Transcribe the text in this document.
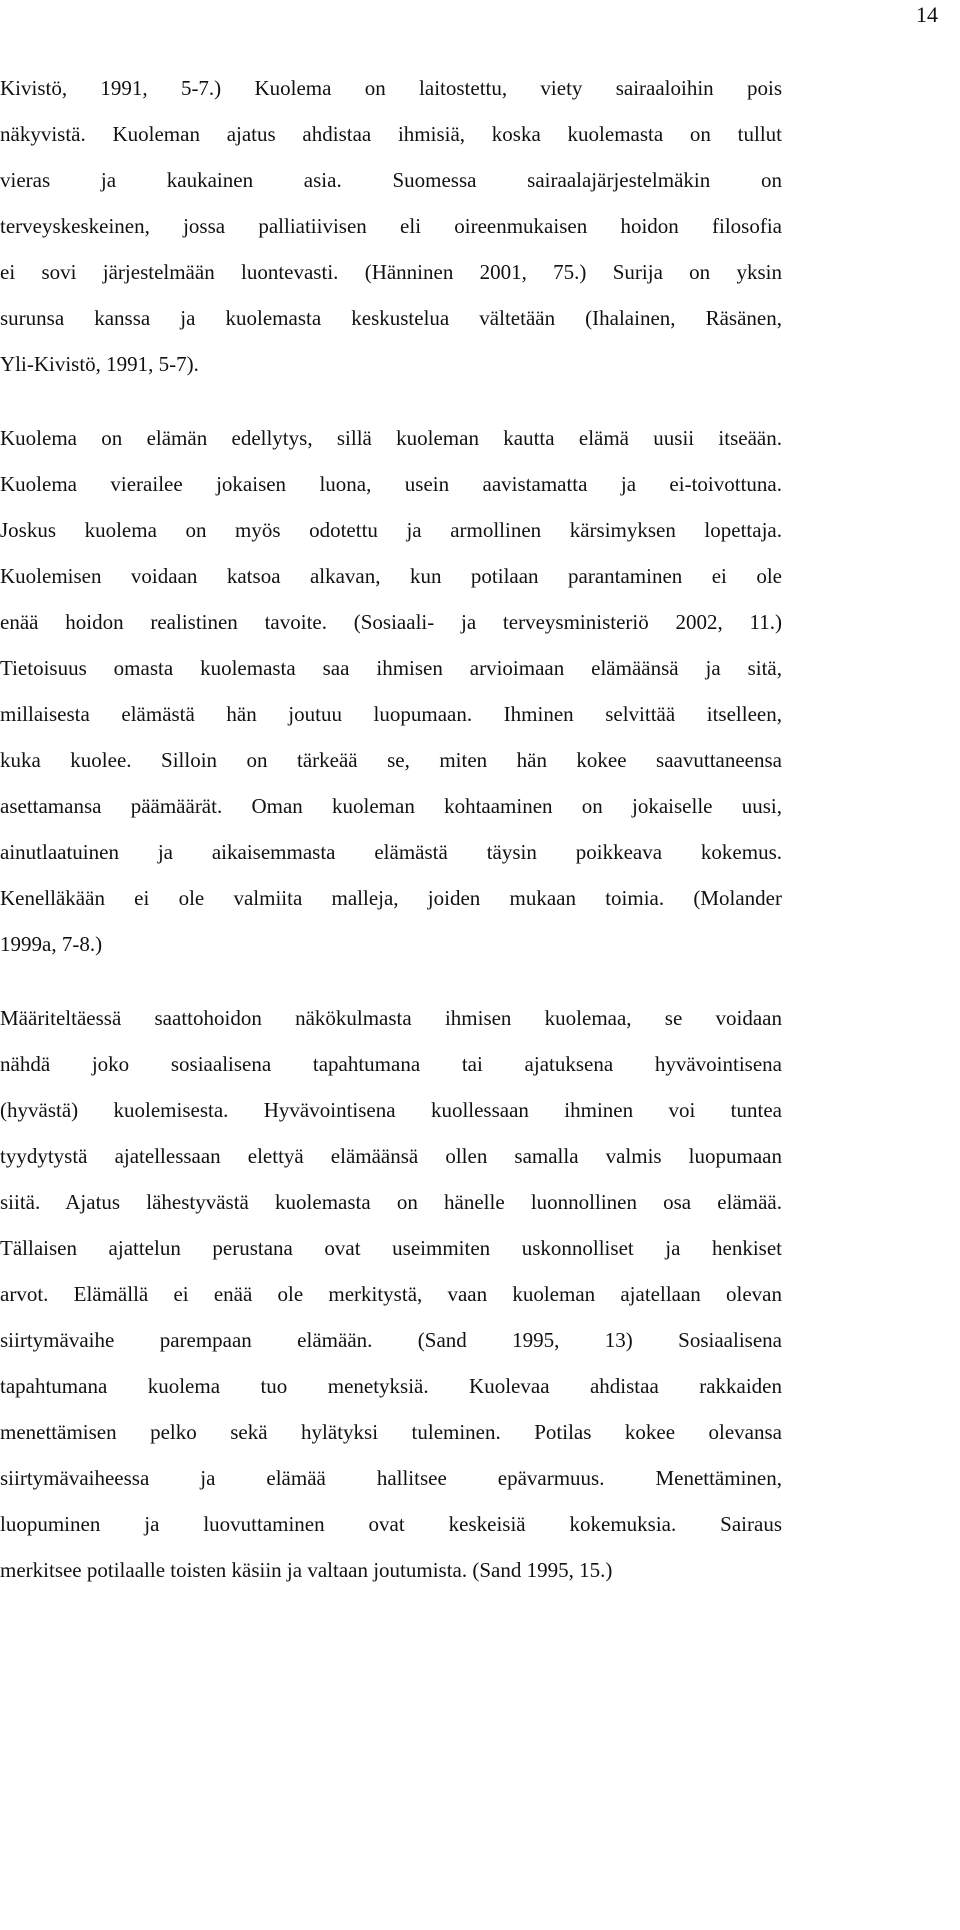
14
Kivistö, 1991, 5-7.) Kuolema on laitostettu, viety sairaaloihin pois
näkyvistä. Kuoleman ajatus ahdistaa ihmisiä, koska kuolemasta on tullut
vieras ja kaukainen asia. Suomessa sairaalajärjestelmäkin on
terveyskeskeinen, jossa palliatiivisen eli oireenmukaisen hoidon filosofia
ei sovi järjestelmään luontevasti. (Hänninen 2001, 75.) Surija on yksin
surunsa kanssa ja kuolemasta keskustelua vältetään (Ihalainen, Räsänen,
Yli-Kivistö, 1991, 5-7).
Kuolema on elämän edellytys, sillä kuoleman kautta elämä uusii itseään.
Kuolema vierailee jokaisen luona, usein aavistamatta ja ei-toivottuna.
Joskus kuolema on myös odotettu ja armollinen kärsimyksen lopettaja.
Kuolemisen voidaan katsoa alkavan, kun potilaan parantaminen ei ole
enää hoidon realistinen tavoite. (Sosiaali- ja terveysministeriö 2002, 11.)
Tietoisuus omasta kuolemasta saa ihmisen arvioimaan elämäänsä ja sitä,
millaisesta elämästä hän joutuu luopumaan. Ihminen selvittää itselleen,
kuka kuolee. Silloin on tärkeää se, miten hän kokee saavuttaneensa
asettamansa päämäärät. Oman kuoleman kohtaaminen on jokaiselle uusi,
ainutlaatuinen ja aikaisemmasta elämästä täysin poikkeava kokemus.
Kenelläkään ei ole valmiita malleja, joiden mukaan toimia. (Molander
1999a, 7-8.)
Määriteltäessä saattohoidon näkökulmasta ihmisen kuolemaa, se voidaan
nähdä joko sosiaalisena tapahtumana tai ajatuksena hyvävointisena
(hyvästä) kuolemisesta. Hyvävointisena kuollessaan ihminen voi tuntea
tyydytystä ajatellessaan elettyä elämäänsä ollen samalla valmis luopumaan
siitä. Ajatus lähestyvästä kuolemasta on hänelle luonnollinen osa elämää.
Tällaisen ajattelun perustana ovat useimmiten uskonnolliset ja henkiset
arvot. Elämällä ei enää ole merkitystä, vaan kuoleman ajatellaan olevan
siirtymävaihe parempaan elämään. (Sand 1995, 13) Sosiaalisena
tapahtumana kuolema tuo menetyksiä. Kuolevaa ahdistaa rakkaiden
menettämisen pelko sekä hylätyksi tuleminen. Potilas kokee olevansa
siirtymävaiheessa ja elämää hallitsee epävarmuus. Menettäminen,
luopuminen ja luovuttaminen ovat keskeisiä kokemuksia. Sairaus
merkitsee potilaalle toisten käsiin ja valtaan joutumista. (Sand 1995, 15.)
